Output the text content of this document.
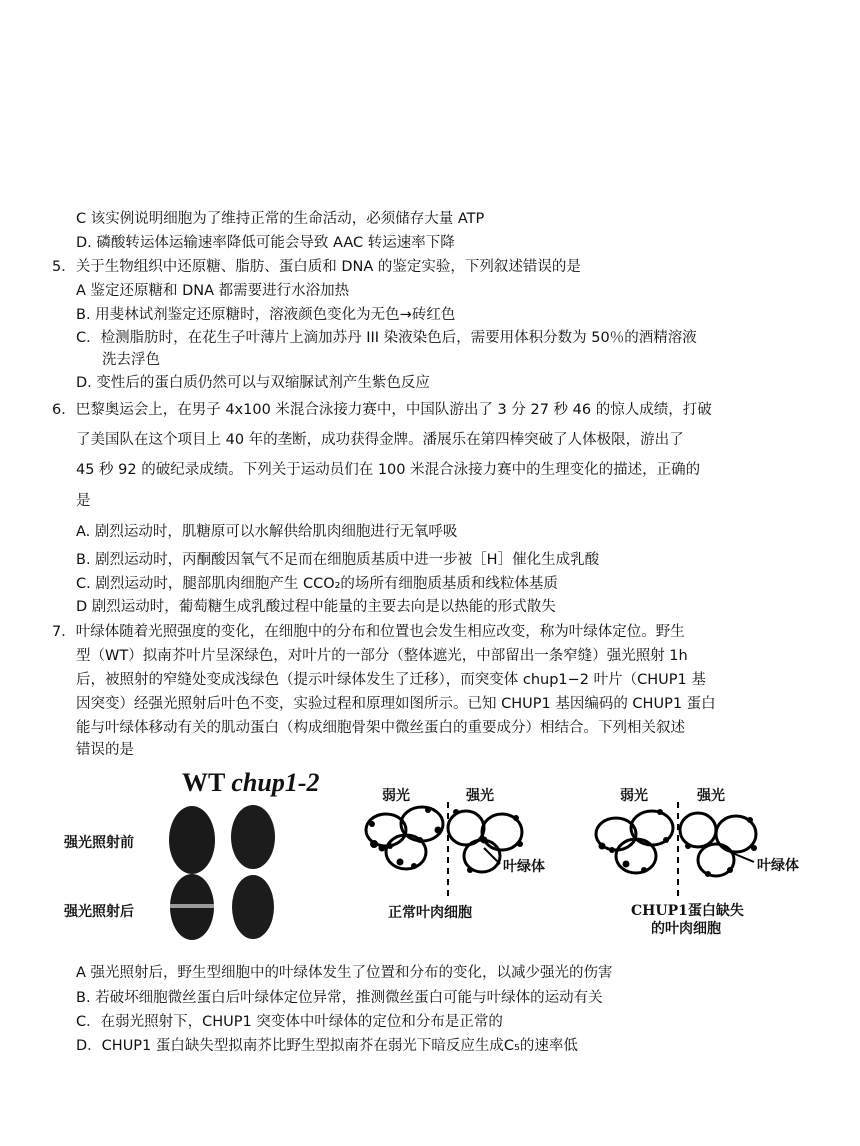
C 该实例说明细胞为了维持正常的生命活动，必须储存大量 ATP
D. 磷酸转运体运输速率降低可能会导致 AAC 转运速率下降
5．关于生物组织中还原糖、脂肪、蛋白质和 DNA 的鉴定实验，下列叙述错误的是
A 鉴定还原糖和 DNA 都需要进行水浴加热
B. 用斐林试剂鉴定还原糖时，溶液颜色变化为无色→砖红色
C．检测脂肪时，在花生子叶薄片上滴加苏丹 III 染液染色后，需要用体积分数为 50％的酒精溶液
洗去浮色
D. 变性后的蛋白质仍然可以与双缩脲试剂产生紫色反应
6．巴黎奥运会上，在男子 4x100 米混合泳接力赛中，中国队游出了 3 分 27 秒 46 的惊人成绩，打破
了美国队在这个项目上 40 年的垄断，成功获得金牌。潘展乐在第四棒突破了人体极限，游出了
45 秒 92 的破纪录成绩。下列关于运动员们在 100 米混合泳接力赛中的生理变化的描述，正确的
是
A. 剧烈运动时，肌糖原可以水解供给肌肉细胞进行无氧呼吸
B. 剧烈运动时，丙酮酸因氧气不足而在细胞质基质中进一步被［H］催化生成乳酸
C. 剧烈运动时，腿部肌肉细胞产生 CCO₂的场所有细胞质基质和线粒体基质
D 剧烈运动时，葡萄糖生成乳酸过程中能量的主要去向是以热能的形式散失
7．叶绿体随着光照强度的变化，在细胞中的分布和位置也会发生相应改变，称为叶绿体定位。野生
型（WT）拟南芥叶片呈深绿色，对叶片的一部分（整体遮光，中部留出一条窄缝）强光照射 1h
后，被照射的窄缝处变成浅绿色（提示叶绿体发生了迁移），而突变体 chup1−2 叶片（CHUP1 基
因突变）经强光照射后叶色不变，实验过程和原理如图所示。已知 CHUP1 基因编码的 CHUP1 蛋白
能与叶绿体移动有关的肌动蛋白（构成细胞骨架中微丝蛋白的重要成分）相结合。下列相关叙述
错误的是
WT chup1-2
强光照射前
强光照射后
弱光	强光
叶绿体
正常叶肉细胞
弱光	强光
叶绿体
CHUP1蛋白缺失
的叶肉细胞
A 强光照射后，野生型细胞中的叶绿体发生了位置和分布的变化，以减少强光的伤害
B. 若破坏细胞微丝蛋白后叶绿体定位异常，推测微丝蛋白可能与叶绿体的运动有关
C．在弱光照射下，CHUP1 突变体中叶绿体的定位和分布是正常的
D．CHUP1 蛋白缺失型拟南芥比野生型拟南芥在弱光下暗反应生成C₅的速率低
